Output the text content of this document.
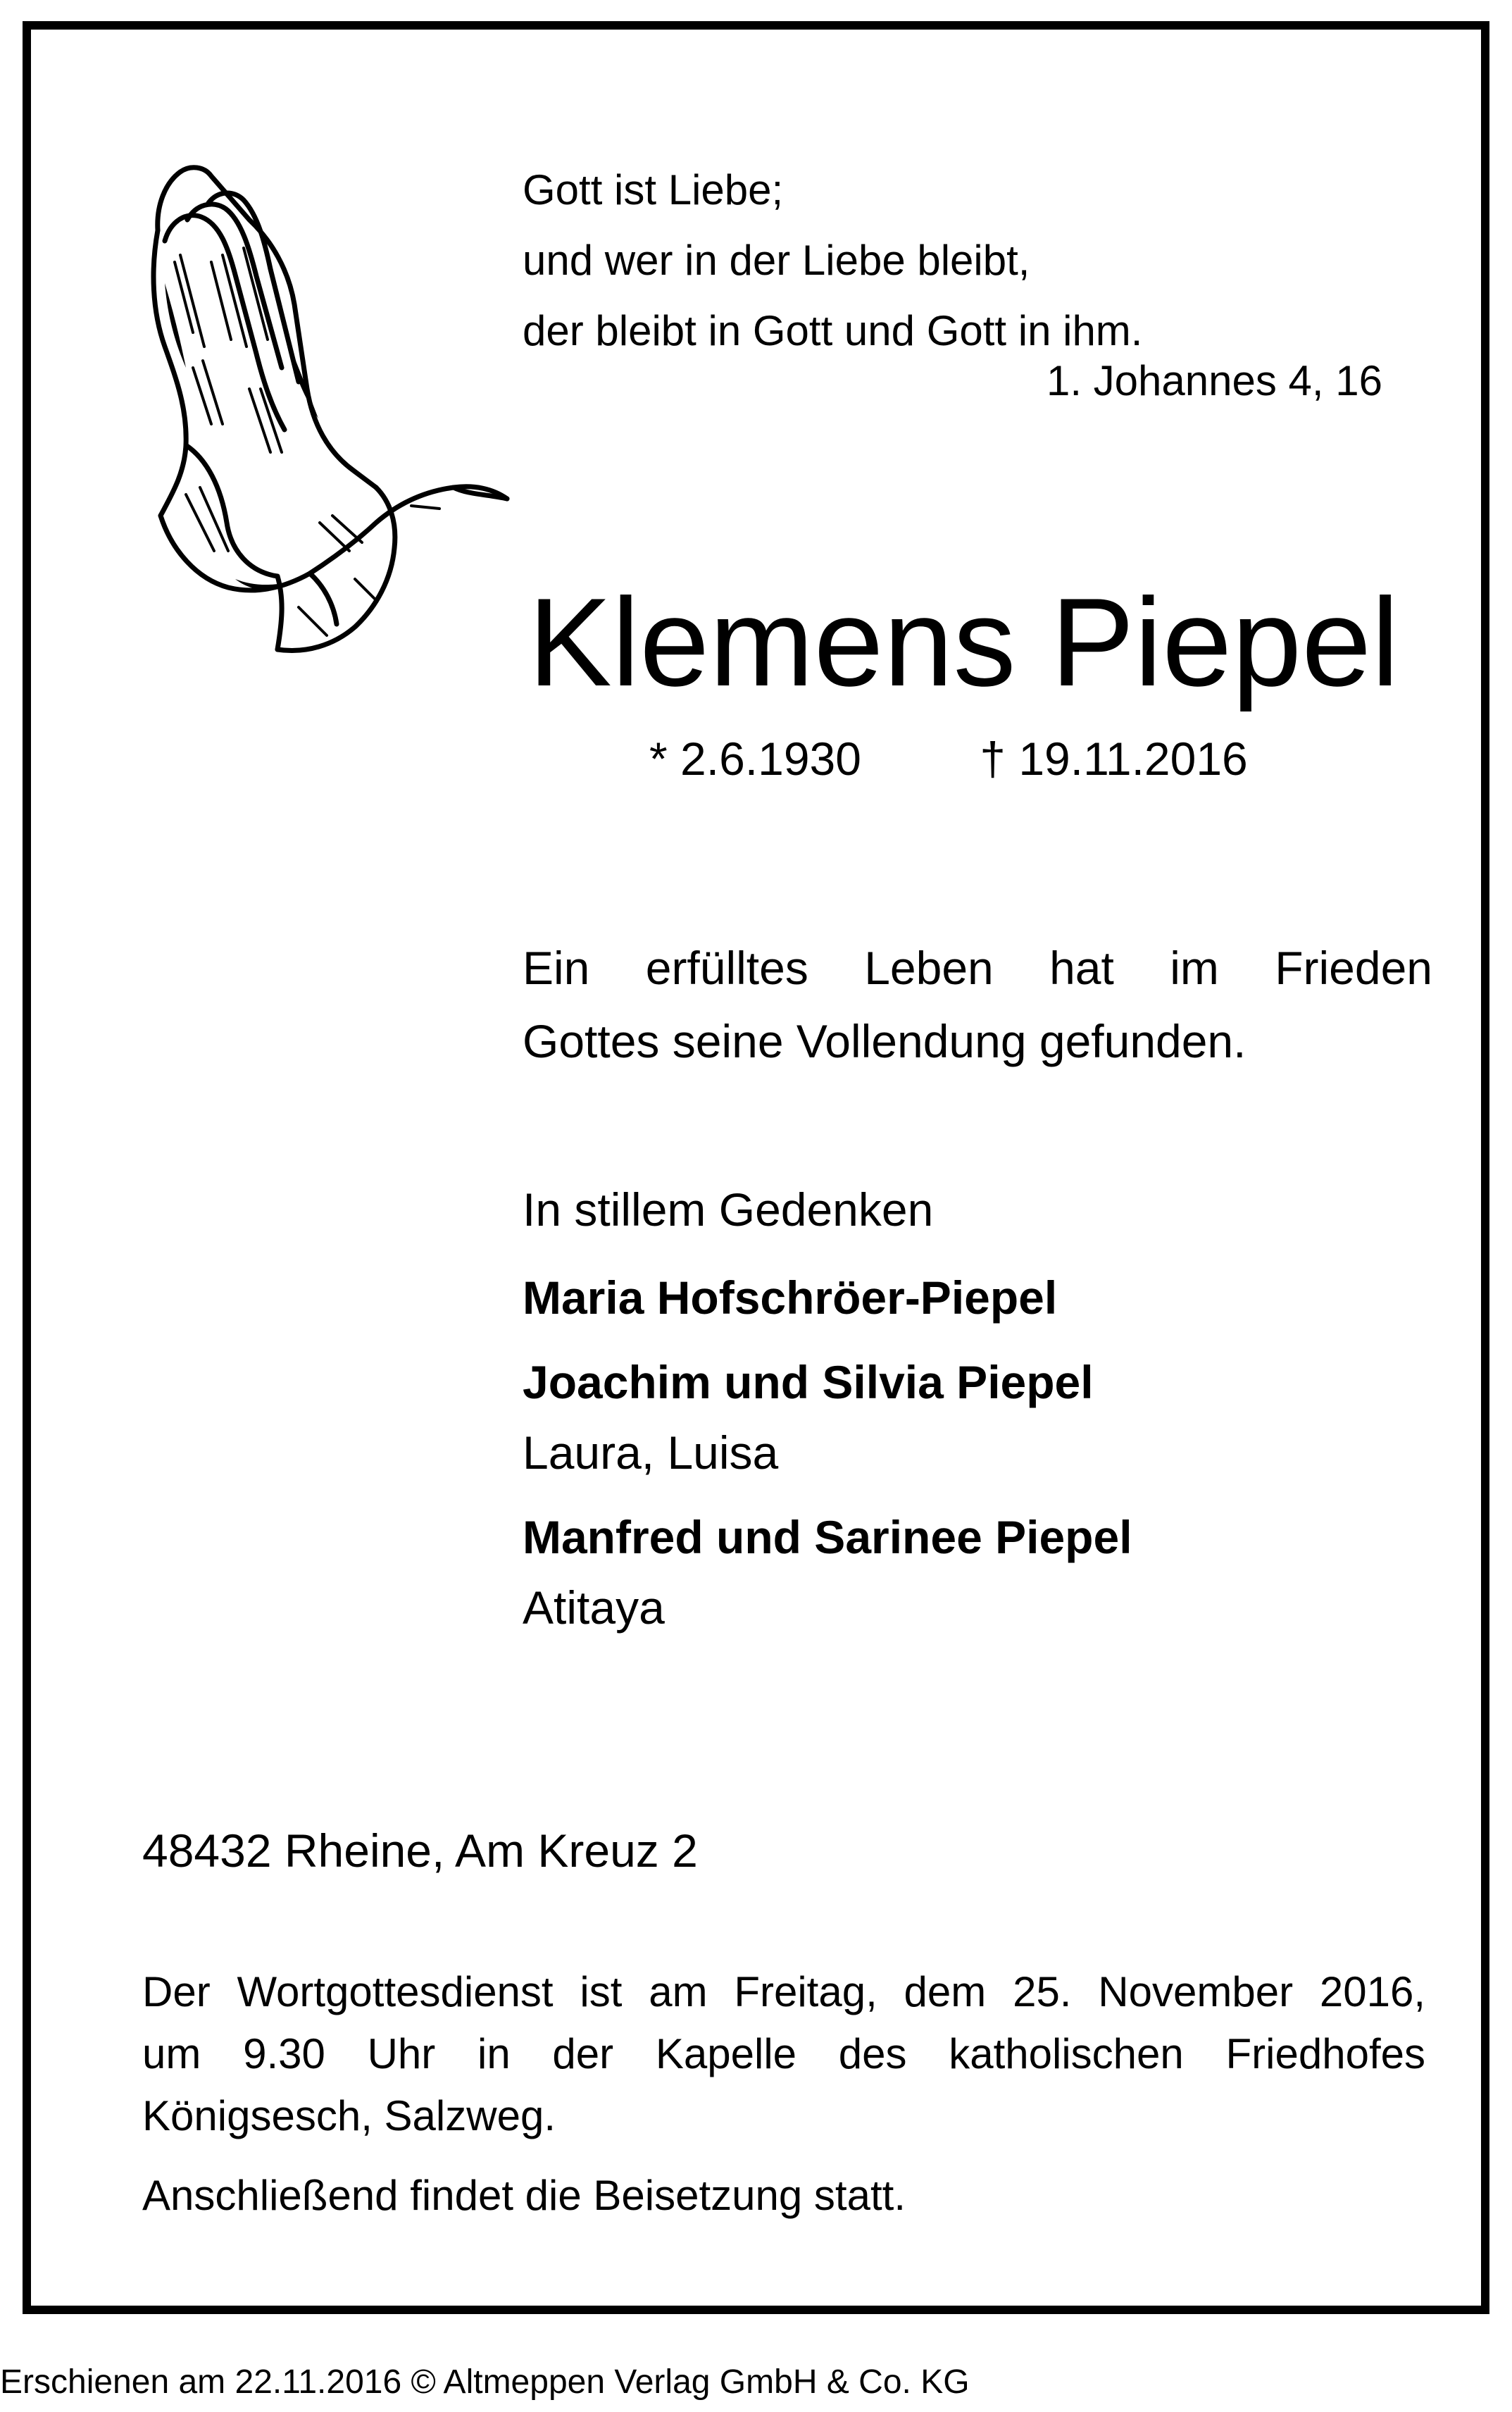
Gott ist Liebe;
und wer in der Liebe bleibt,
der bleibt in Gott und Gott in ihm.
1. Johannes 4, 16
Klemens Piepel
* 2.6.1930	† 19.11.2016
Ein erfülltes Leben hat im Frieden
Gottes seine Vollendung gefunden.
In stillem Gedenken
Maria Hofschröer-Piepel
Joachim und Silvia Piepel
Laura, Luisa
Manfred und Sarinee Piepel
Atitaya
48432 Rheine, Am Kreuz 2
Der Wortgottesdienst ist am Freitag, dem 25. November 2016,
um 9.30 Uhr in der Kapelle des katholischen Friedhofes
Königsesch, Salzweg.
Anschließend findet die Beisetzung statt.
Erschienen am 22.11.2016 © Altmeppen Verlag GmbH & Co. KG
